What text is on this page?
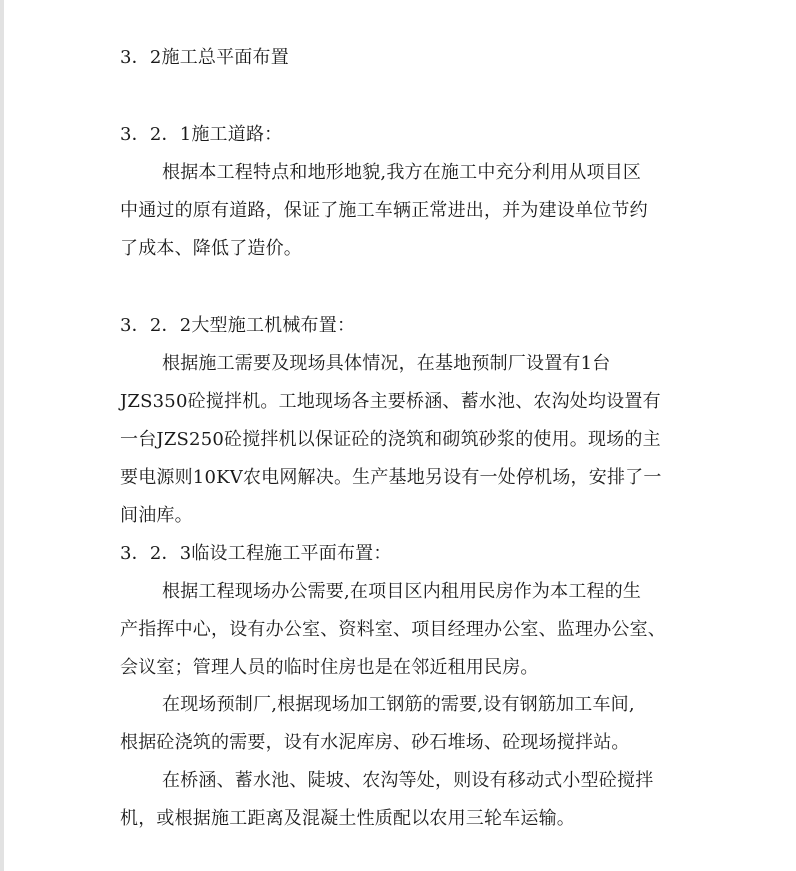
3．2施工总平面布置
3．2．1施工道路：
根据本工程特点和地形地貌,我方在施工中充分利用从项目区
中通过的原有道路，保证了施工车辆正常进出，并为建设单位节约
了成本、降低了造价。
3．2．2大型施工机械布置：
根据施工需要及现场具体情况，在基地预制厂设置有1台
JZS350砼搅拌机。工地现场各主要桥涵、蓄水池、农沟处均设置有
一台JZS250砼搅拌机以保证砼的浇筑和砌筑砂浆的使用。现场的主
要电源则10KV农电网解决。生产基地另设有一处停机场，安排了一
间油库。
3．2．3临设工程施工平面布置：
根据工程现场办公需要,在项目区内租用民房作为本工程的生
产指挥中心，设有办公室、资料室、项目经理办公室、监理办公室、
会议室；管理人员的临时住房也是在邻近租用民房。
在现场预制厂,根据现场加工钢筋的需要,设有钢筋加工车间,
根据砼浇筑的需要，设有水泥库房、砂石堆场、砼现场搅拌站。
在桥涵、蓄水池、陡坡、农沟等处，则设有移动式小型砼搅拌
机，或根据施工距离及混凝土性质配以农用三轮车运输。
